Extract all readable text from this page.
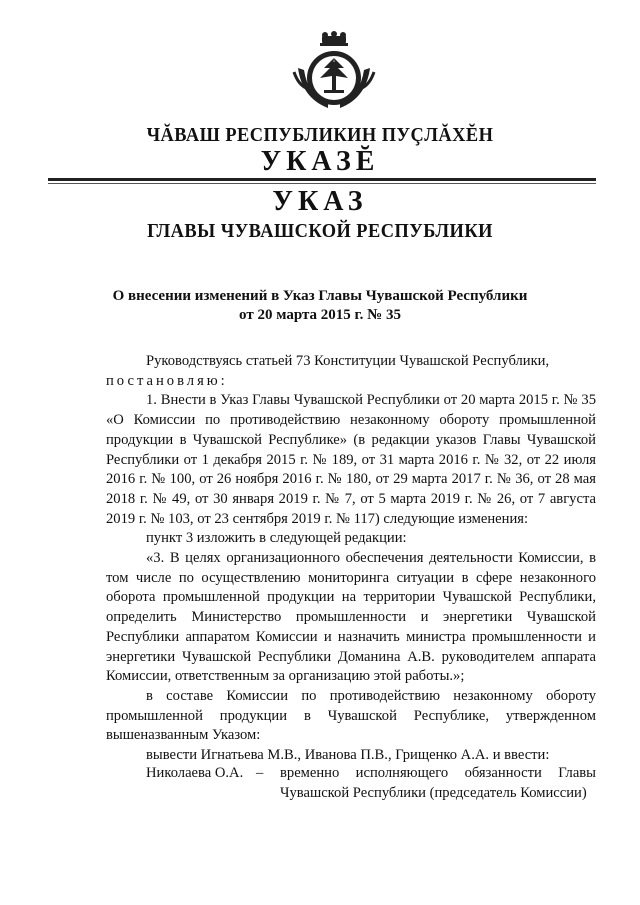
ЧĂВАШ РЕСПУБЛИКИН ПУÇЛĂХĔН
УКАЗĔ
УКАЗ
ГЛАВЫ ЧУВАШСКОЙ РЕСПУБЛИКИ
О внесении изменений в Указ Главы Чувашской Республики
от 20 марта 2015 г. № 35

Руководствуясь статьей 73 Конституции Чувашской Республики,

постановляю:

1. Внести в Указ Главы Чувашской Республики от 20 марта 2015 г. № 35 «О Комиссии по противодействию незаконному обороту промышленной продукции в Чувашской Республике» (в редакции указов Главы Чувашской Республики от 1 декабря 2015 г. № 189, от 31 марта 2016 г. № 32, от 22 июля 2016 г. № 100, от 26 ноября 2016 г. № 180, от 29 марта 2017 г. № 36, от 28 мая 2018 г. № 49, от 30 января 2019 г. № 7, от 5 марта 2019 г. № 26, от 7 августа 2019 г. № 103, от 23 сентября 2019 г. № 117) следующие изменения:

пункт 3 изложить в следующей редакции:

«3. В целях организационного обеспечения деятельности Комиссии, в том числе по осуществлению мониторинга ситуации в сфере незаконного оборота промышленной продукции на территории Чувашской Республики, определить Министерство промышленности и энергетики Чувашской Республики аппаратом Комиссии и назначить министра промышленности и энергетики Чувашской Республики Доманина А.В. руководителем аппарата Комиссии, ответственным за организацию этой работы.»;

в составе Комиссии по противодействию незаконному обороту промышленной продукции в Чувашской Республике, утвержденном вышеназванным Указом:

вывести Игнатьева М.В., Иванова П.В., Грищенко А.А. и ввести:

Николаева О.А. – временно исполняющего обязанности Главы Чувашской Республики (председатель Комиссии)
